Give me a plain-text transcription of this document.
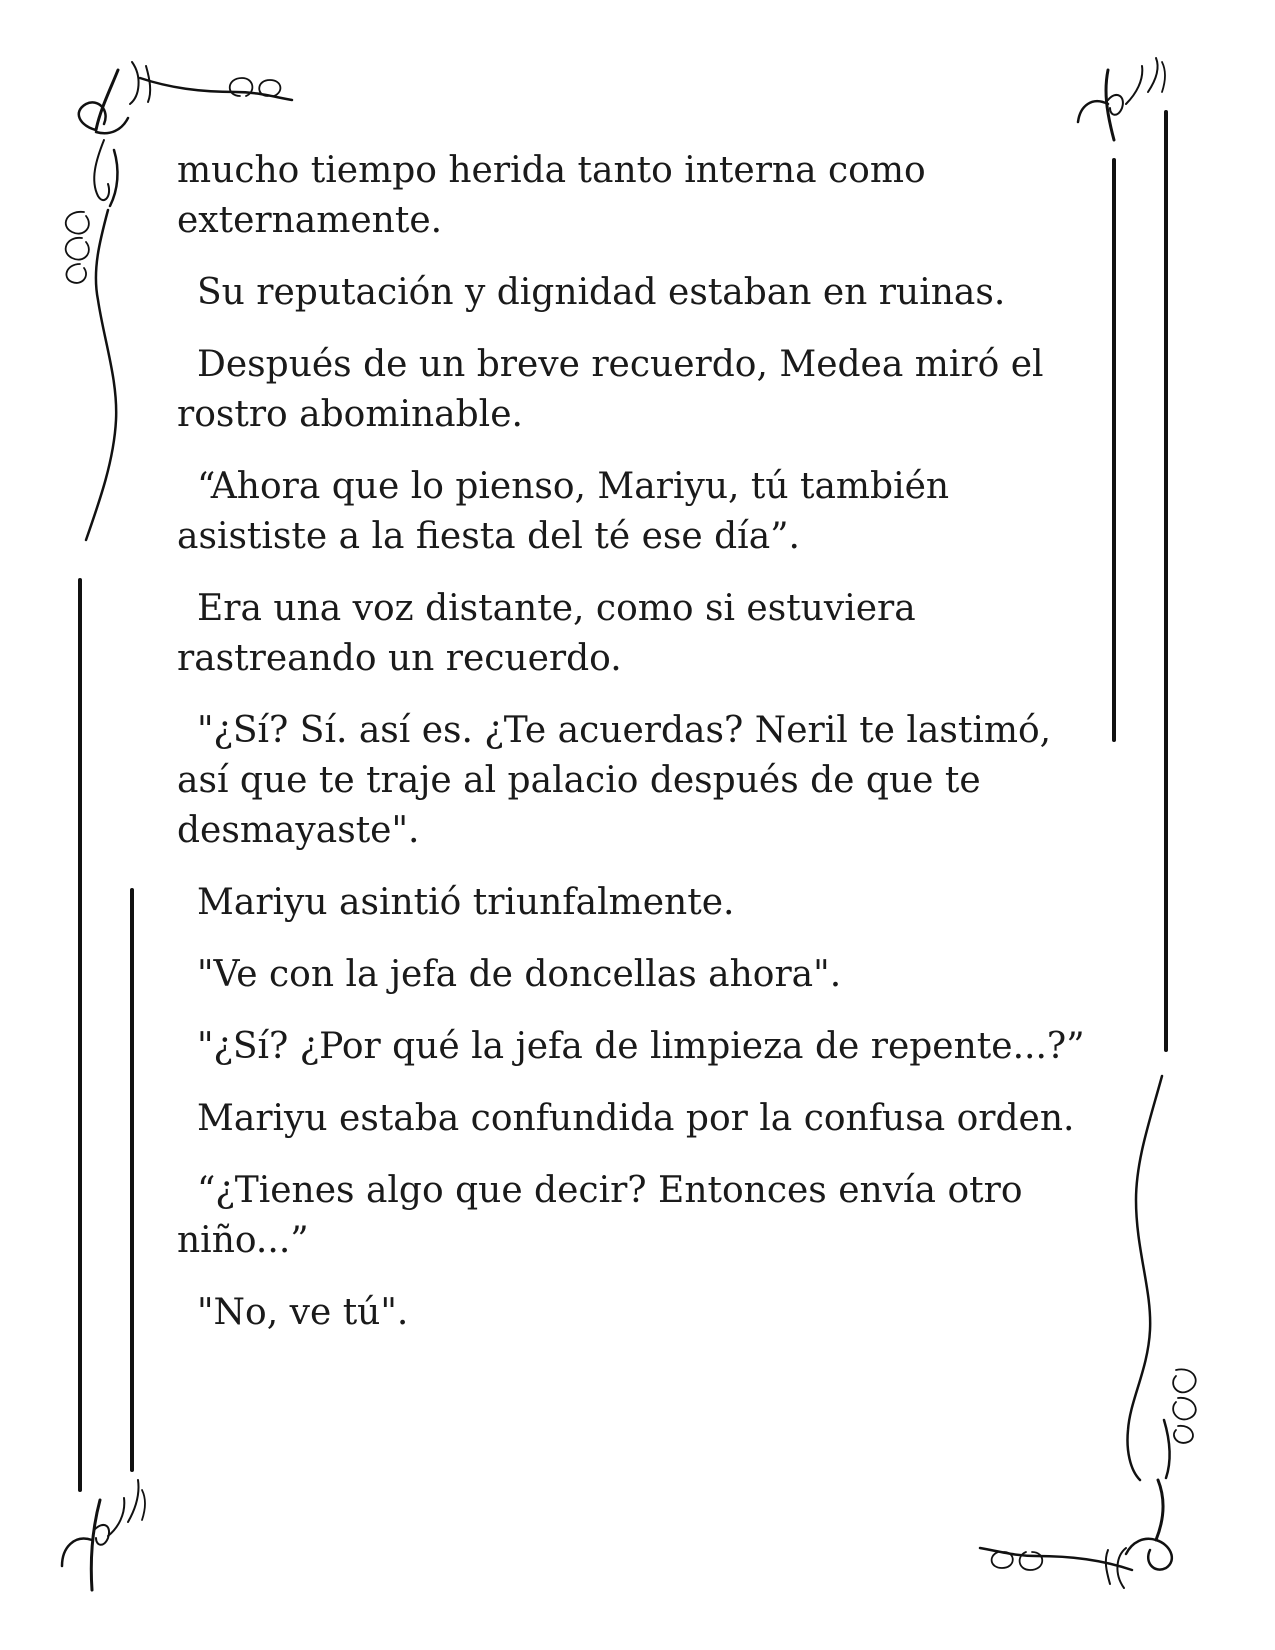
mucho tiempo herida tanto interna como externamente.

Su reputación y dignidad estaban en ruinas.

Después de un breve recuerdo, Medea miró el rostro abominable.

“Ahora que lo pienso, Mariyu, tú también asististe a la fiesta del té ese día”.

Era una voz distante, como si estuviera rastreando un recuerdo.

"¿Sí? Sí. así es. ¿Te acuerdas? Neril te lastimó, así que te traje al palacio después de que te desmayaste".

Mariyu asintió triunfalmente.

"Ve con la jefa de doncellas ahora".

"¿Sí? ¿Por qué la jefa de limpieza de repente...?”

Mariyu estaba confundida por la confusa orden.

“¿Tienes algo que decir? Entonces envía otro niño...”

"No, ve tú".
